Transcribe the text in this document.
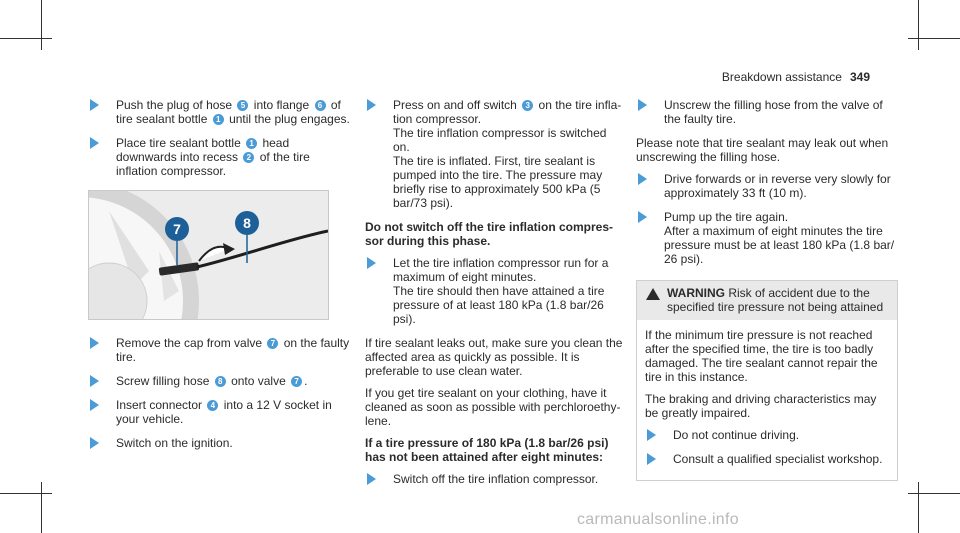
Breakdown assistance 349
Push the plug of hose 5 into flange 6 of tire sealant bottle 1 until the plug engages.
Place tire sealant bottle 1 head downwards into recess 2 of the tire inflation compressor.
7	8
Remove the cap from valve 7 on the faulty tire.
Screw filling hose 8 onto valve 7 .
Insert connector 4 into a 12 V socket in your vehicle.
Switch on the ignition.
Press on and off switch 3 on the tire inflation compressor.
The tire inflation compressor is switched on.
The tire is inflated. First, tire sealant is pumped into the tire. The pressure may briefly rise to approximately 500 kPa (5 bar/73 psi).

Do not switch off the tire inflation compressor during this phase.

Let the tire inflation compressor run for a maximum of eight minutes.
The tire should then have attained a tire pressure of at least 180 kPa (1.8 bar/26 psi).

If tire sealant leaks out, make sure you clean the affected area as quickly as possible. It is preferable to use clean water.

If you get tire sealant on your clothing, have it cleaned as soon as possible with perchloroethylene.

If a tire pressure of 180 kPa (1.8 bar/26 psi) has not been attained after eight minutes:

Switch off the tire inflation compressor.
Unscrew the filling hose from the valve of the faulty tire.

Please note that tire sealant may leak out when unscrewing the filling hose.

Drive forwards or in reverse very slowly for approximately 33 ft (10 m).
Pump up the tire again.
After a maximum of eight minutes the tire pressure must be at least 180 kPa (1.8 bar/ 26 psi).
WARNING Risk of accident due to the specified tire pressure not being attained

If the minimum tire pressure is not reached after the specified time, the tire is too badly damaged. The tire sealant cannot repair the tire in this instance.

The braking and driving characteristics may be greatly impaired.

Do not continue driving.
Consult a qualified specialist workshop.
carmanualsonline.info
